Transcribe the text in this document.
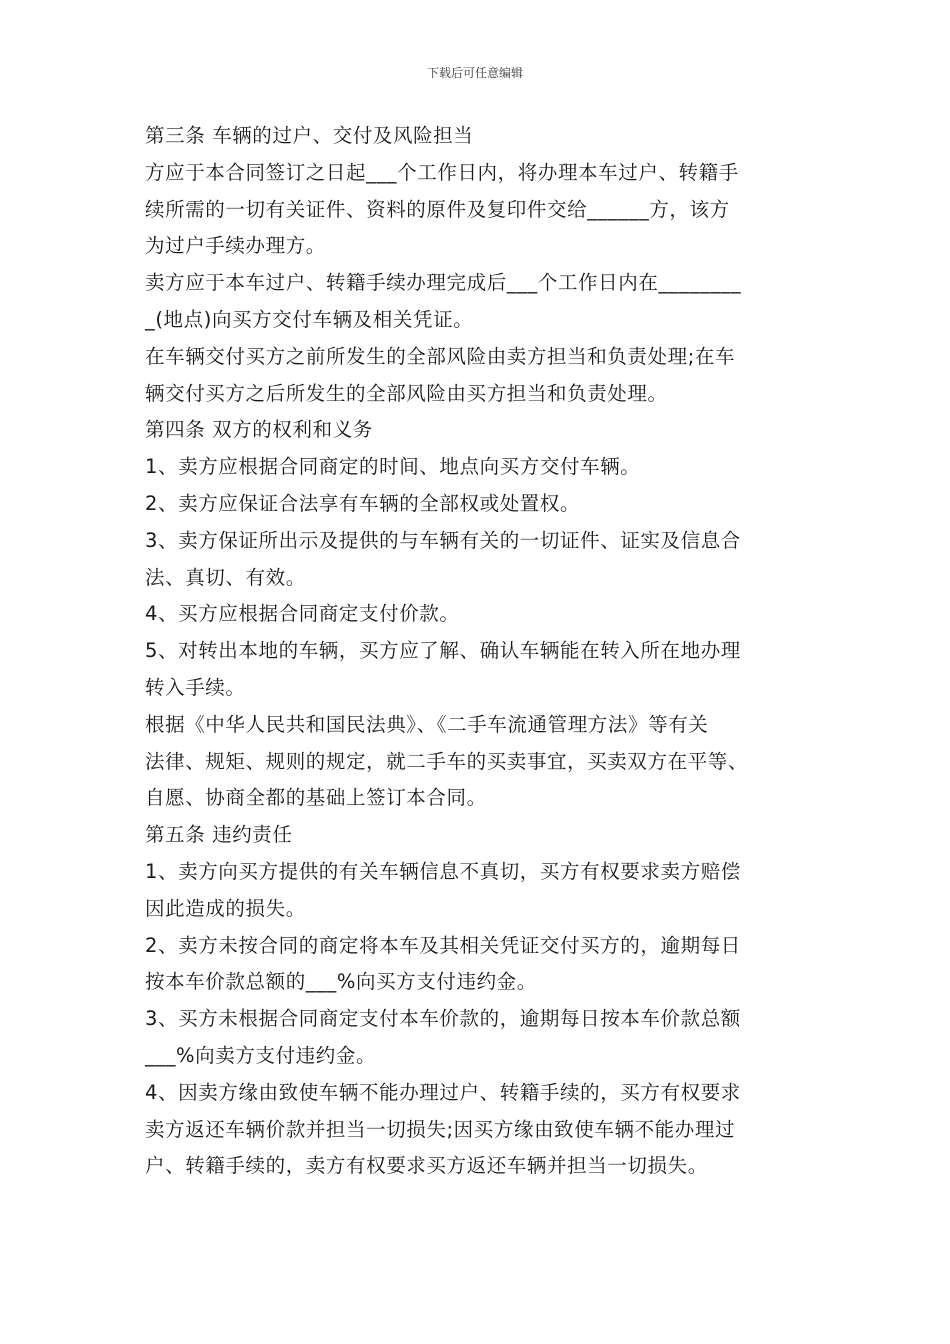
下载后可任意编辑
第三条 车辆的过户、交付及风险担当
方应于本合同签订之日起___个工作日内，将办理本车过户、转籍手
续所需的一切有关证件、资料的原件及复印件交给______方，该方
为过户手续办理方。
卖方应于本车过户、转籍手续办理完成后___个工作日内在________
_(地点)向买方交付车辆及相关凭证。
在车辆交付买方之前所发生的全部风险由卖方担当和负责处理;在车
辆交付买方之后所发生的全部风险由买方担当和负责处理。
第四条 双方的权利和义务
1、卖方应根据合同商定的时间、地点向买方交付车辆。
2、卖方应保证合法享有车辆的全部权或处置权。
3、卖方保证所出示及提供的与车辆有关的一切证件、证实及信息合
法、真切、有效。
4、买方应根据合同商定支付价款。
5、对转出本地的车辆，买方应了解、确认车辆能在转入所在地办理
转入手续。
根据《中华人民共和国民法典》、《二手车流通管理方法》等有关
法律、规矩、规则的规定，就二手车的买卖事宜，买卖双方在平等、
自愿、协商全都的基础上签订本合同。
第五条 违约责任
1、卖方向买方提供的有关车辆信息不真切，买方有权要求卖方赔偿
因此造成的损失。
2、卖方未按合同的商定将本车及其相关凭证交付买方的，逾期每日
按本车价款总额的___%向买方支付违约金。
3、买方未根据合同商定支付本车价款的，逾期每日按本车价款总额
___%向卖方支付违约金。
4、因卖方缘由致使车辆不能办理过户、转籍手续的，买方有权要求
卖方返还车辆价款并担当一切损失;因买方缘由致使车辆不能办理过
户、转籍手续的，卖方有权要求买方返还车辆并担当一切损失。
